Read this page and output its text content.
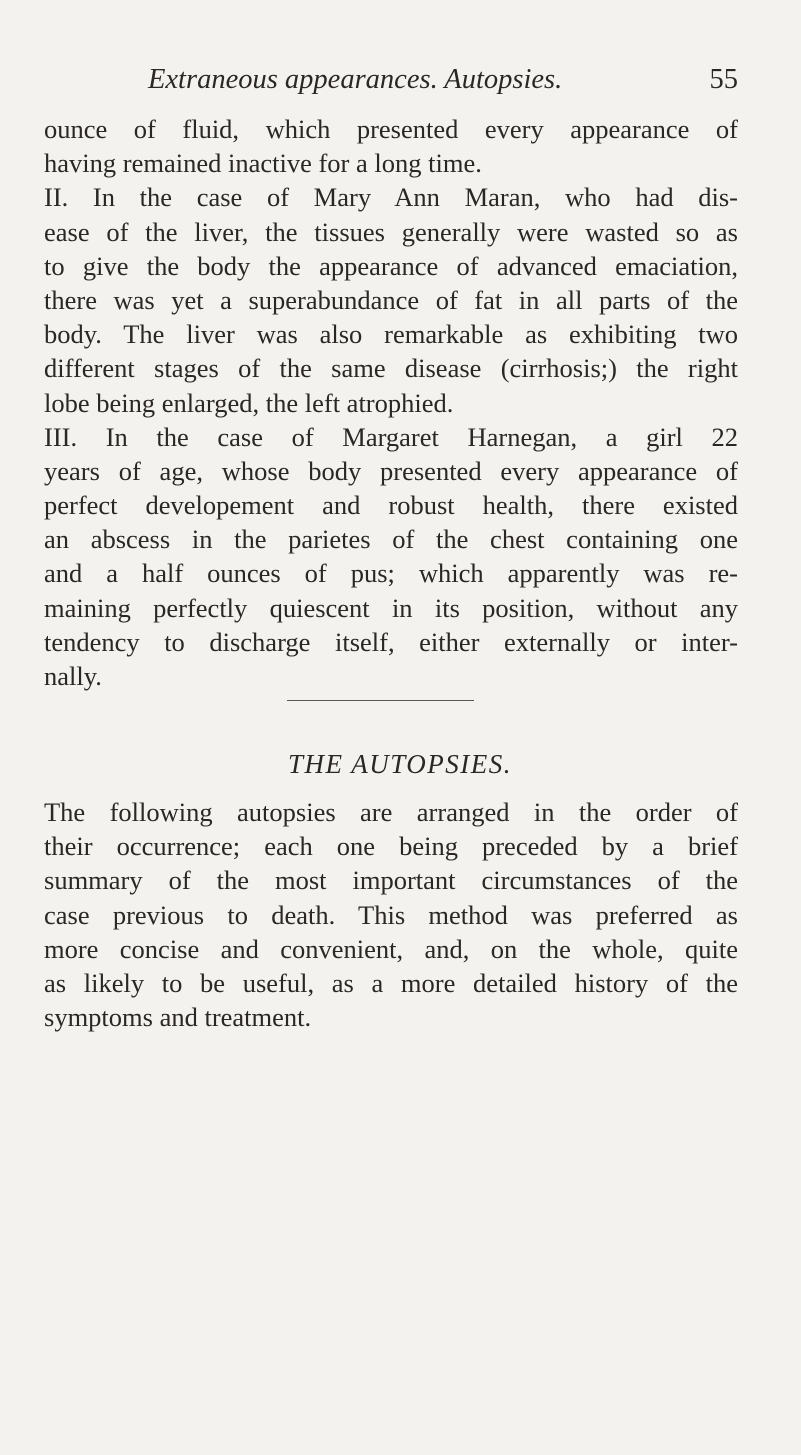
Extraneous appearances. Autopsies.	55
ounce of fluid, which presented every appearance of
having remained inactive for a long time.
II. In the case of Mary Ann Maran, who had dis-
ease of the liver, the tissues generally were wasted so as
to give the body the appearance of advanced emaciation,
there was yet a superabundance of fat in all parts of the
body. The liver was also remarkable as exhibiting two
different stages of the same disease (cirrhosis;) the right
lobe being enlarged, the left atrophied.
III. In the case of Margaret Harnegan, a girl 22
years of age, whose body presented every appearance of
perfect developement and robust health, there existed
an abscess in the parietes of the chest containing one
and a half ounces of pus; which apparently was re-
maining perfectly quiescent in its position, without any
tendency to discharge itself, either externally or inter-
nally.
THE AUTOPSIES.
The following autopsies are arranged in the order of
their occurrence; each one being preceded by a brief
summary of the most important circumstances of the
case previous to death. This method was preferred as
more concise and convenient, and, on the whole, quite
as likely to be useful, as a more detailed history of the
symptoms and treatment.
